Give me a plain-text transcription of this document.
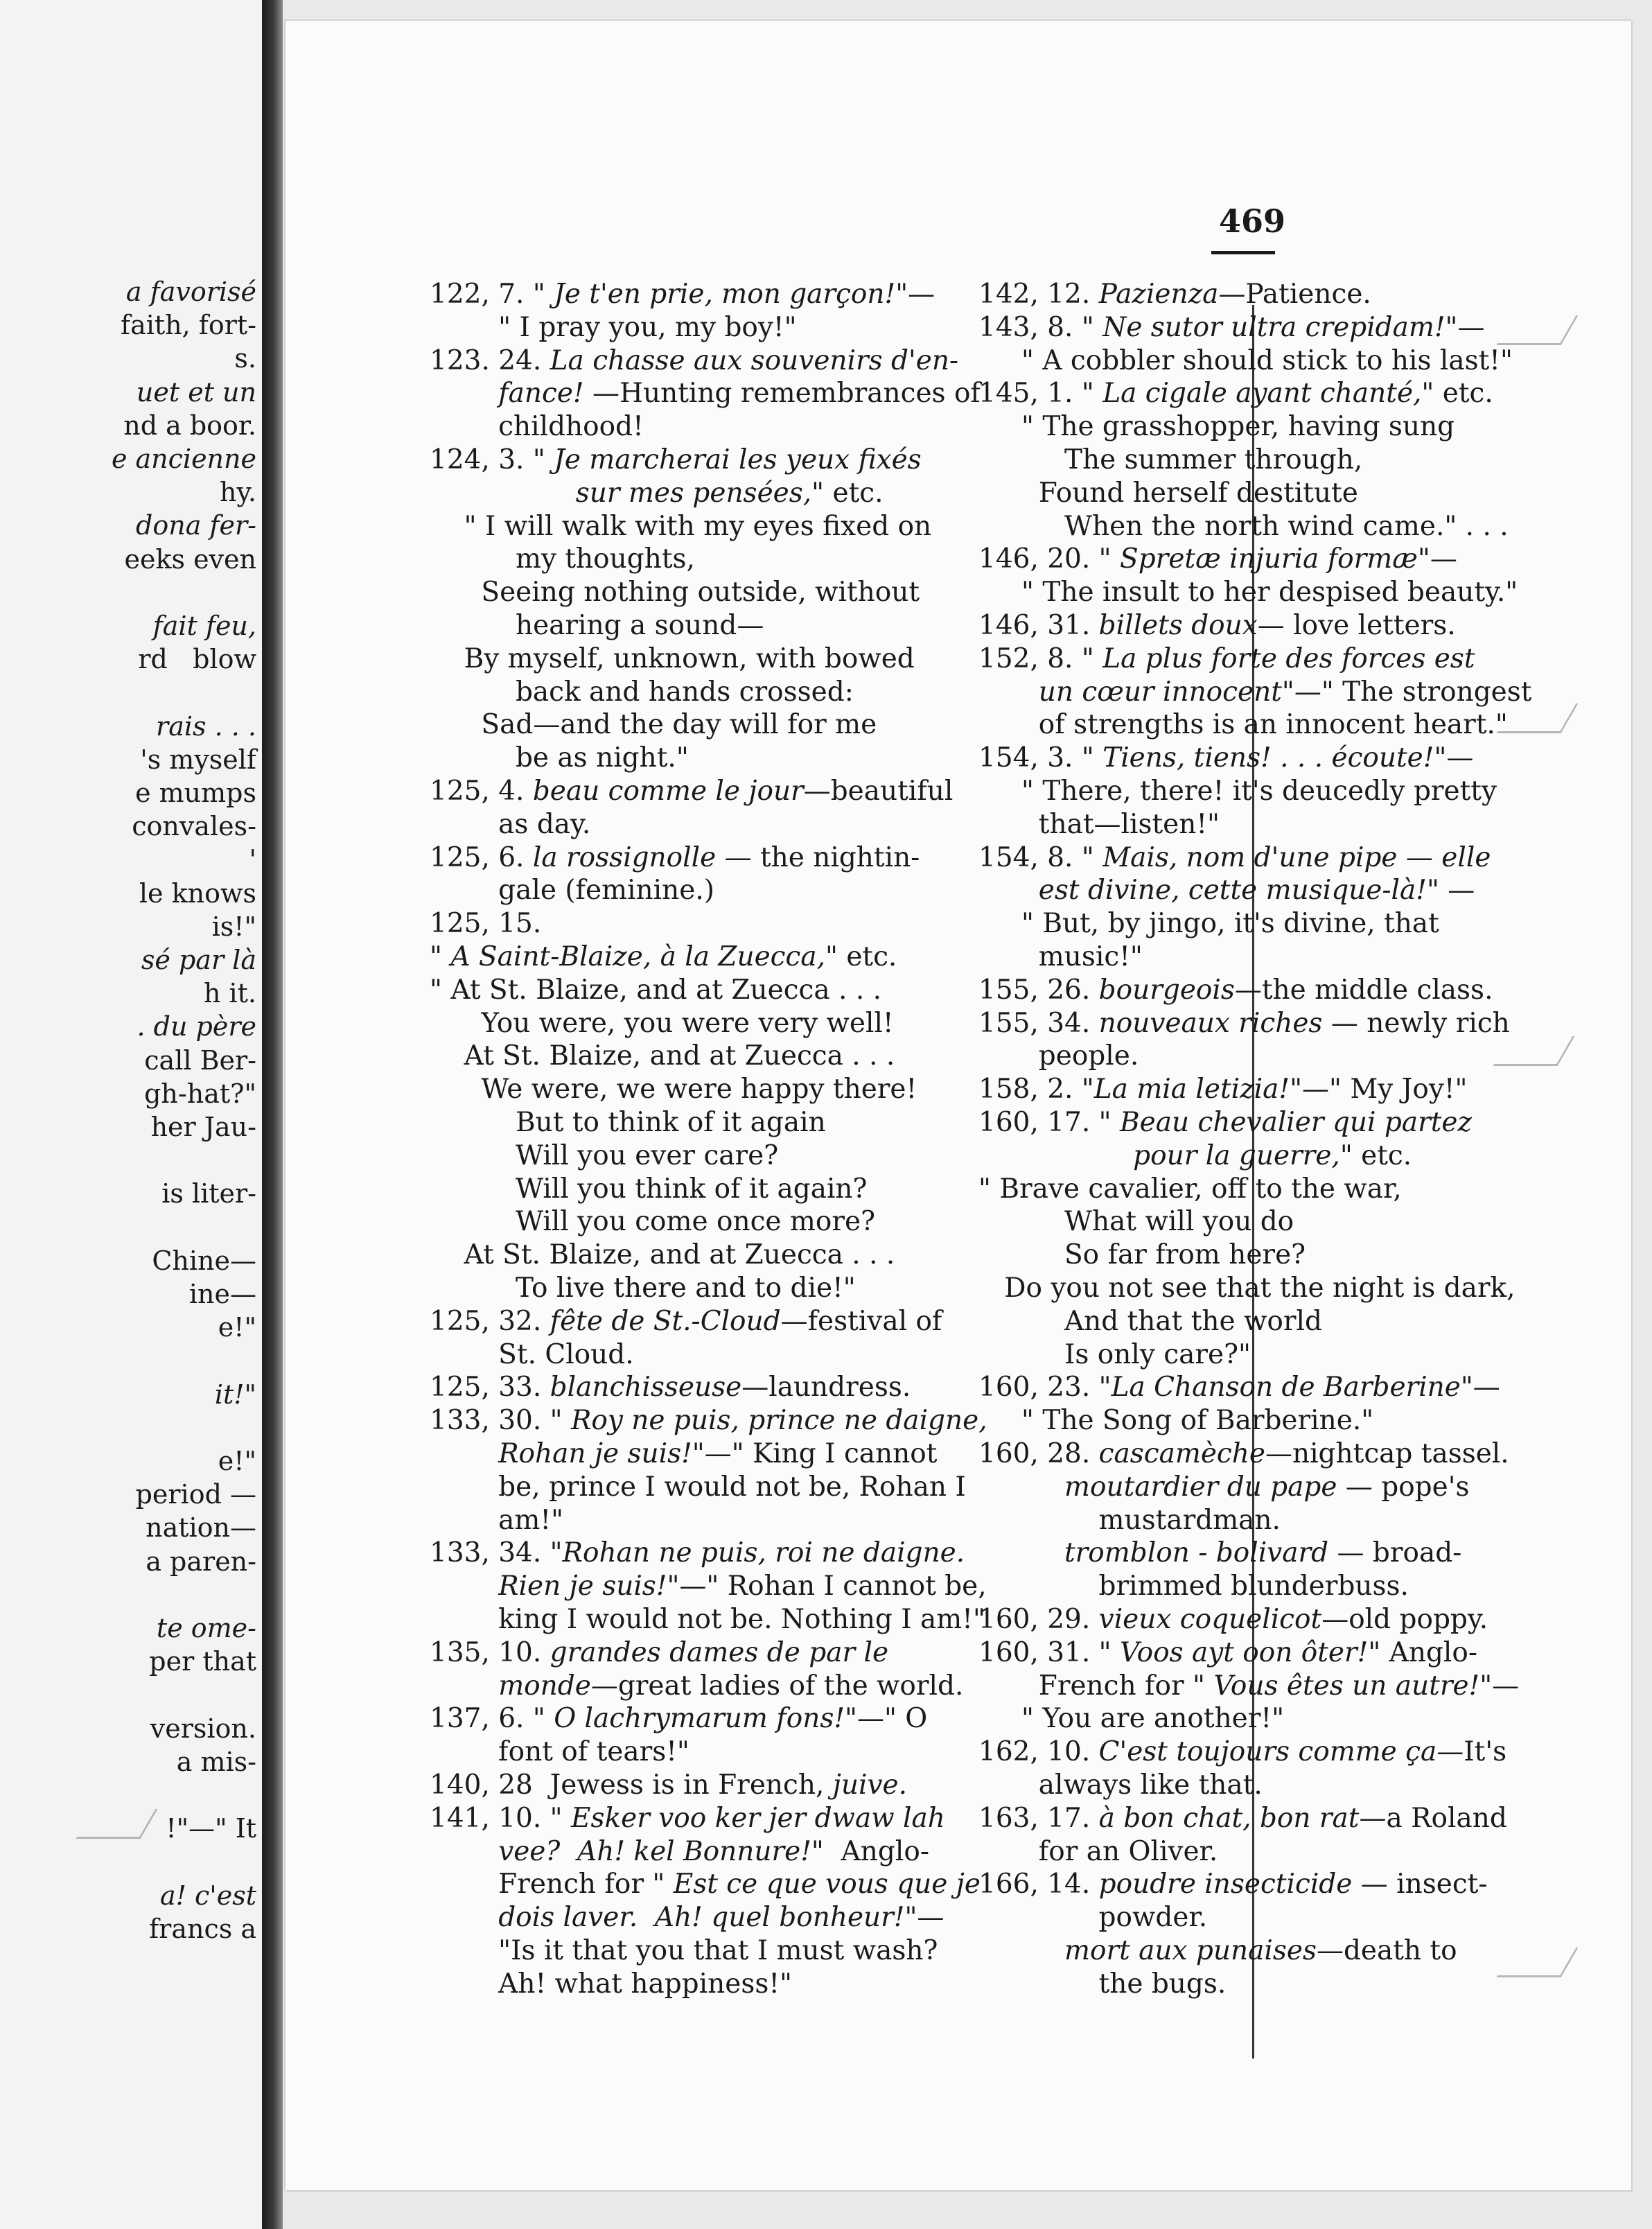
a favorisé
faith, fort-
s.
uet et un
nd a boor.
e ancienne
hy.
dona fer-
eeks even
fait feu,
rd   blow
rais . . .
's myself
e mumps
convales-
'
le knows
is!"
sé par là
h it.
. du père
call Ber-
gh-hat?"
her Jau-
is liter-
Chine—
ine—
e!"
it!"
e!"
period —
nation—
a paren-
te ome-
per that
version.
a mis-
!"—" It
a! c'est
francs a
469
122, 7. " Je t'en prie, mon garçon!"—
" I pray you, my boy!"
123. 24. La chasse aux souvenirs d'en-
fance! —Hunting remembrances of
childhood!
124, 3. " Je marcherai les yeux fixés
sur mes pensées," etc.
" I will walk with my eyes fixed on
my thoughts,
Seeing nothing outside, without
hearing a sound—
By myself, unknown, with bowed
back and hands crossed:
Sad—and the day will for me
be as night."
125, 4. beau comme le jour—beautiful
as day.
125, 6. la rossignolle — the nightin-
gale (feminine.)
125, 15.
" A Saint-Blaize, à la Zuecca," etc.
" At St. Blaize, and at Zuecca . . .
You were, you were very well!
At St. Blaize, and at Zuecca . . .
We were, we were happy there!
But to think of it again
Will you ever care?
Will you think of it again?
Will you come once more?
At St. Blaize, and at Zuecca . . .
To live there and to die!"
125, 32. fête de St.-Cloud—festival of
St. Cloud.
125, 33. blanchisseuse—laundress.
133, 30. " Roy ne puis, prince ne daigne,
Rohan je suis!"—" King I cannot
be, prince I would not be, Rohan I
am!"
133, 34. "Rohan ne puis, roi ne daigne.
Rien je suis!"—" Rohan I cannot be,
king I would not be. Nothing I am!"
135, 10. grandes dames de par le
monde—great ladies of the world.
137, 6. " O lachrymarum fons!"—" O
font of tears!"
140, 28  Jewess is in French, juive.
141, 10. " Esker voo ker jer dwaw lah
vee?  Ah! kel Bonnure!"  Anglo-
French for " Est ce que vous que je
dois laver.  Ah! quel bonheur!"—
"Is it that you that I must wash?
Ah! what happiness!"
142, 12. Pazienza—Patience.
143, 8. " Ne sutor ultra crepidam!"—
" A cobbler should stick to his last!"
145, 1. " La cigale ayant chanté," etc.
" The grasshopper, having sung
The summer through,
Found herself destitute
When the north wind came." . . .
146, 20. " Spretæ injuria formæ"—
" The insult to her despised beauty."
146, 31. billets doux— love letters.
152, 8. " La plus forte des forces est
un cœur innocent"—" The strongest
of strengths is an innocent heart."
154, 3. " Tiens, tiens! . . . écoute!"—
" There, there! it's deucedly pretty
that—listen!"
154, 8. " Mais, nom d'une pipe — elle
est divine, cette musique-là!" —
" But, by jingo, it's divine, that
music!"
155, 26. bourgeois—the middle class.
155, 34. nouveaux riches — newly rich
people.
158, 2. "La mia letizia!"—" My Joy!"
160, 17. " Beau chevalier qui partez
pour la guerre," etc.
" Brave cavalier, off to the war,
What will you do
So far from here?
Do you not see that the night is dark,
And that the world
Is only care?"
160, 23. "La Chanson de Barberine"—
" The Song of Barberine."
160, 28. cascamèche—nightcap tassel.
moutardier du pape — pope's
mustardman.
tromblon - bolivard — broad-
brimmed blunderbuss.
160, 29. vieux coquelicot—old poppy.
160, 31. " Voos ayt oon ôter!" Anglo-
French for " Vous êtes un autre!"—
" You are another!"
162, 10. C'est toujours comme ça—It's
always like that.
163, 17. à bon chat, bon rat—a Roland
for an Oliver.
166, 14. poudre insecticide — insect-
powder.
mort aux punaises—death to
the bugs.
